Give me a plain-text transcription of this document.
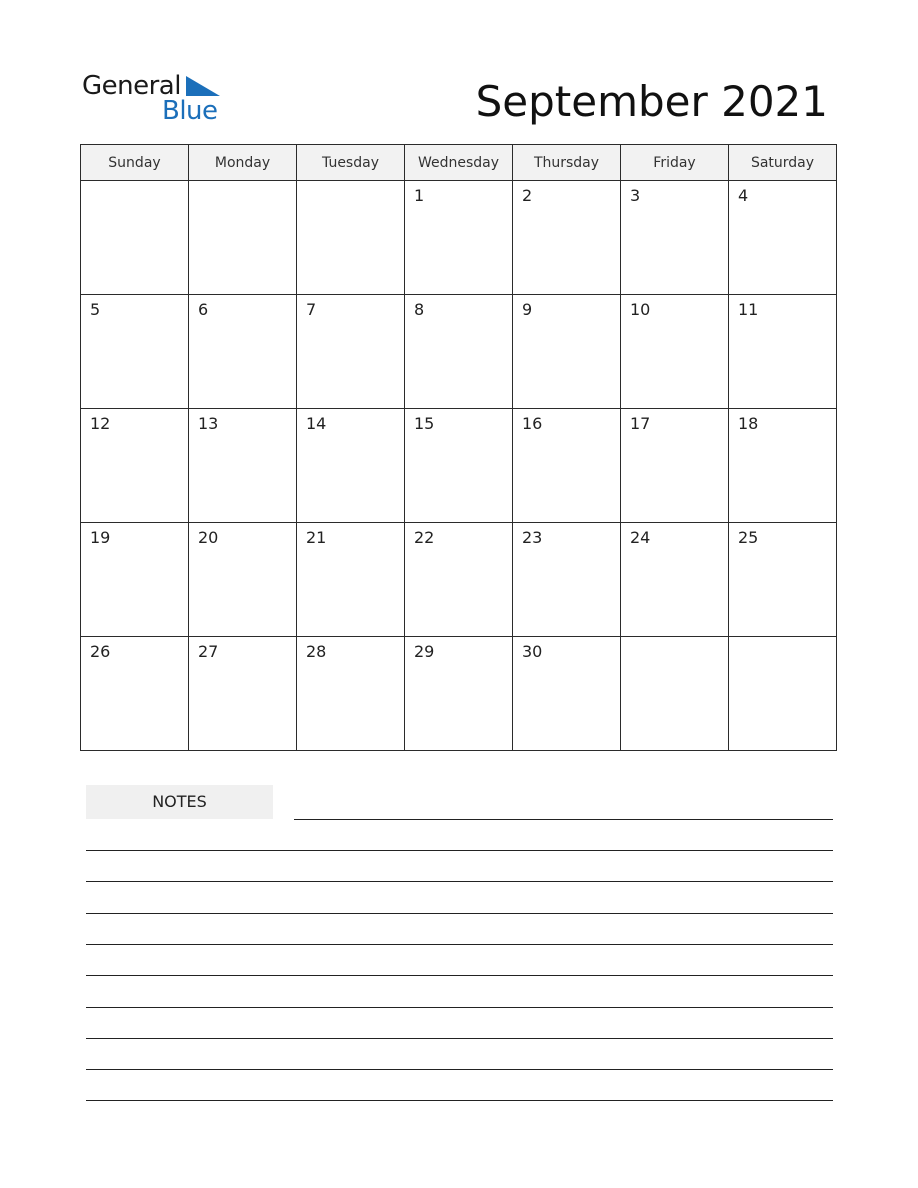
General
Blue	September 2021
Sunday	Monday	Tuesday	Wednesday	Thursday	Friday	Saturday

			1	2	3	4

5	6	7	8	9	10	11

12	13	14	15	16	17	18

19	20	21	22	23	24	25

26	27	28	29	30		

NOTES
